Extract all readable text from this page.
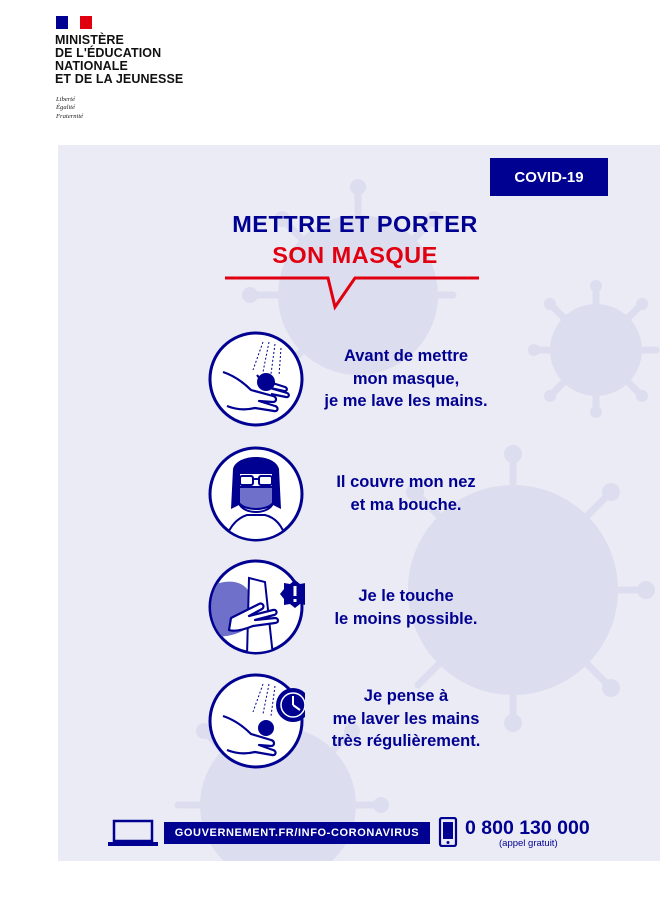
MINISTÈRE
DE L'ÉDUCATION
NATIONALE
ET DE LA JEUNESSE
Liberté
Égalité
Fraternité
COVID-19
METTRE ET PORTER
SON MASQUE
Avant de mettre
mon masque,
je me lave les mains.
Il couvre mon nez
et ma bouche.
Je le touche
le moins possible.
Je pense à
me laver les mains
très régulièrement.
GOUVERNEMENT.FR/INFO-CORONAVIRUS	0 800 130 000
(appel gratuit)
